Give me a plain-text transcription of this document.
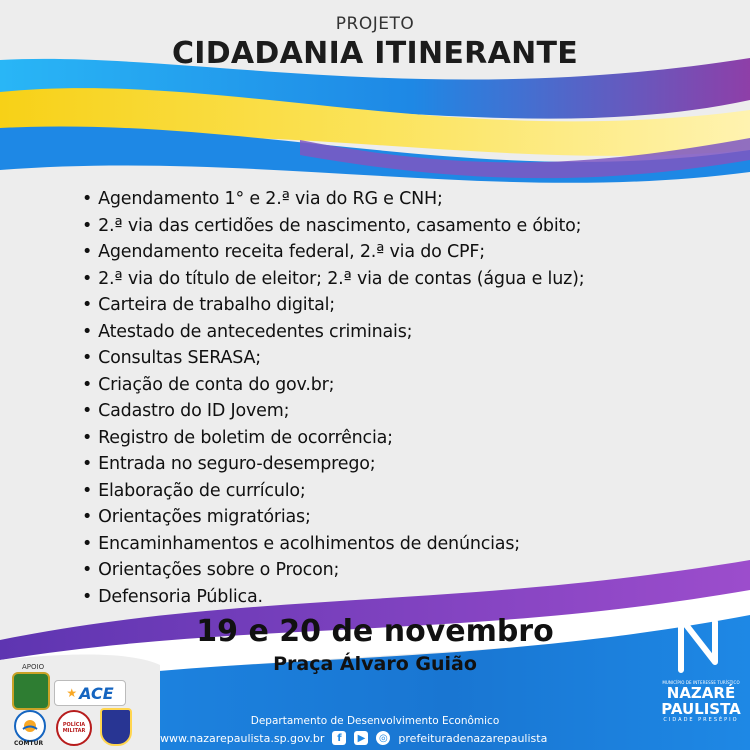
PROJETO
CIDADANIA ITINERANTE
• Agendamento 1° e 2.ª via do RG e CNH;
• 2.ª via das certidões de nascimento, casamento e óbito;
• Agendamento receita federal, 2.ª via do CPF;
• 2.ª via do título de eleitor; 2.ª via de contas (água e luz);
• Carteira de trabalho digital;
• Atestado de antecedentes criminais;
• Consultas SERASA;
• Criação de conta do gov.br;
• Cadastro do ID Jovem;
• Registro de boletim de ocorrência;
• Entrada no seguro-desemprego;
• Elaboração de currículo;
• Orientações migratórias;
• Encaminhamentos e acolhimentos de denúncias;
• Orientações sobre o Procon;
• Defensoria Pública.
19 e 20 de novembro
Praça Álvaro Guião
APOIO
★ ACE
COMTUR
POLÍCIA MILITAR
Departamento de Desenvolvimento Econômico
www.nazarepaulista.sp.gov.br	f	▶	◎ prefeituradenazarepaulista
MUNICÍPIO DE INTERESSE TURÍSTICO
NAZARÉ
PAULISTA
CIDADE PRESÉPIO
